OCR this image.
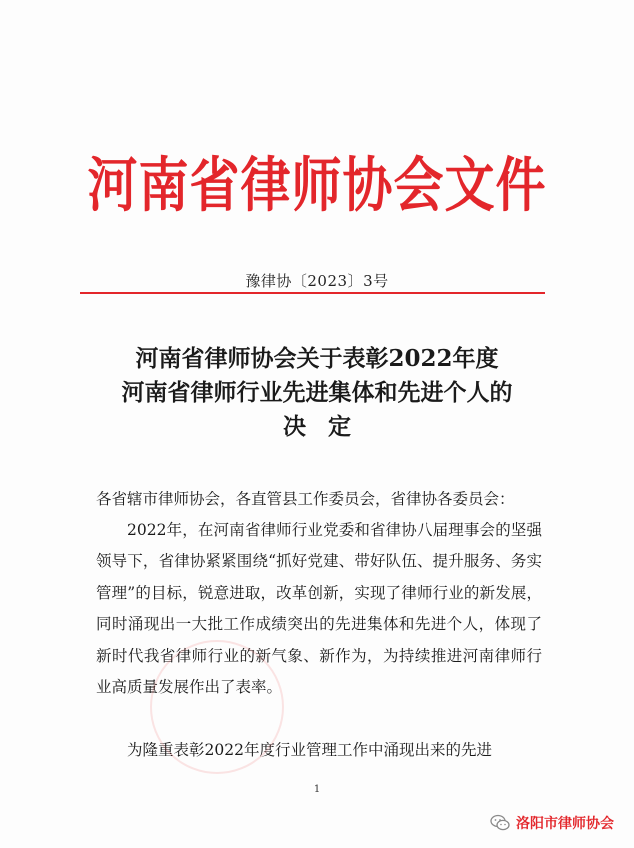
河南省律师协会文件
豫律协〔2023〕3号
河南省律师协会关于表彰2022年度
河南省律师行业先进集体和先进个人的
决定
各省辖市律师协会，各直管县工作委员会，省律协各委员会：
2022年，在河南省律师行业党委和省律协八届理事会的坚强领导下，省律协紧紧围绕“抓好党建、带好队伍、提升服务、务实管理”的目标，锐意进取，改革创新，实现了律师行业的新发展，同时涌现出一大批工作成绩突出的先进集体和先进个人，体现了新时代我省律师行业的新气象、新作为，为持续推进河南律师行业高质量发展作出了表率。
为隆重表彰2022年度行业管理工作中涌现出来的先进
1
洛阳市律师协会
